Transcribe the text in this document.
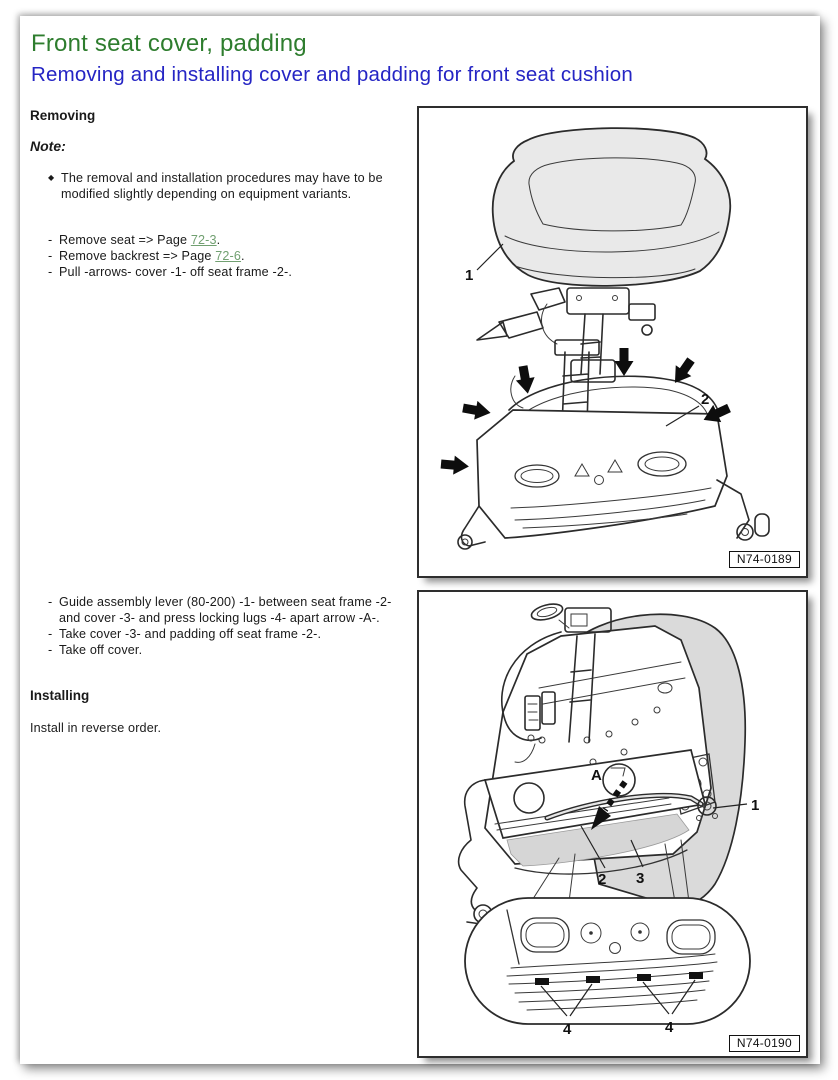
Front seat cover, padding
Removing and installing cover and padding for front seat cushion
Removing
Note:
◆ The removal and installation procedures may have to be modified slightly depending on equipment variants.
- Remove seat => Page 72-3.
- Remove backrest => Page 72-6.
- Pull -arrows- cover -1- off seat frame -2-.
- Guide assembly lever (80-200) -1- between seat frame -2- and cover -3- and press locking lugs -4- apart arrow -A-.
- Take cover -3- and padding off seat frame -2-.
- Take off cover.
Installing
Install in reverse order.
1
2
N74-0189
A
1
2 3
4	4
N74-0190
